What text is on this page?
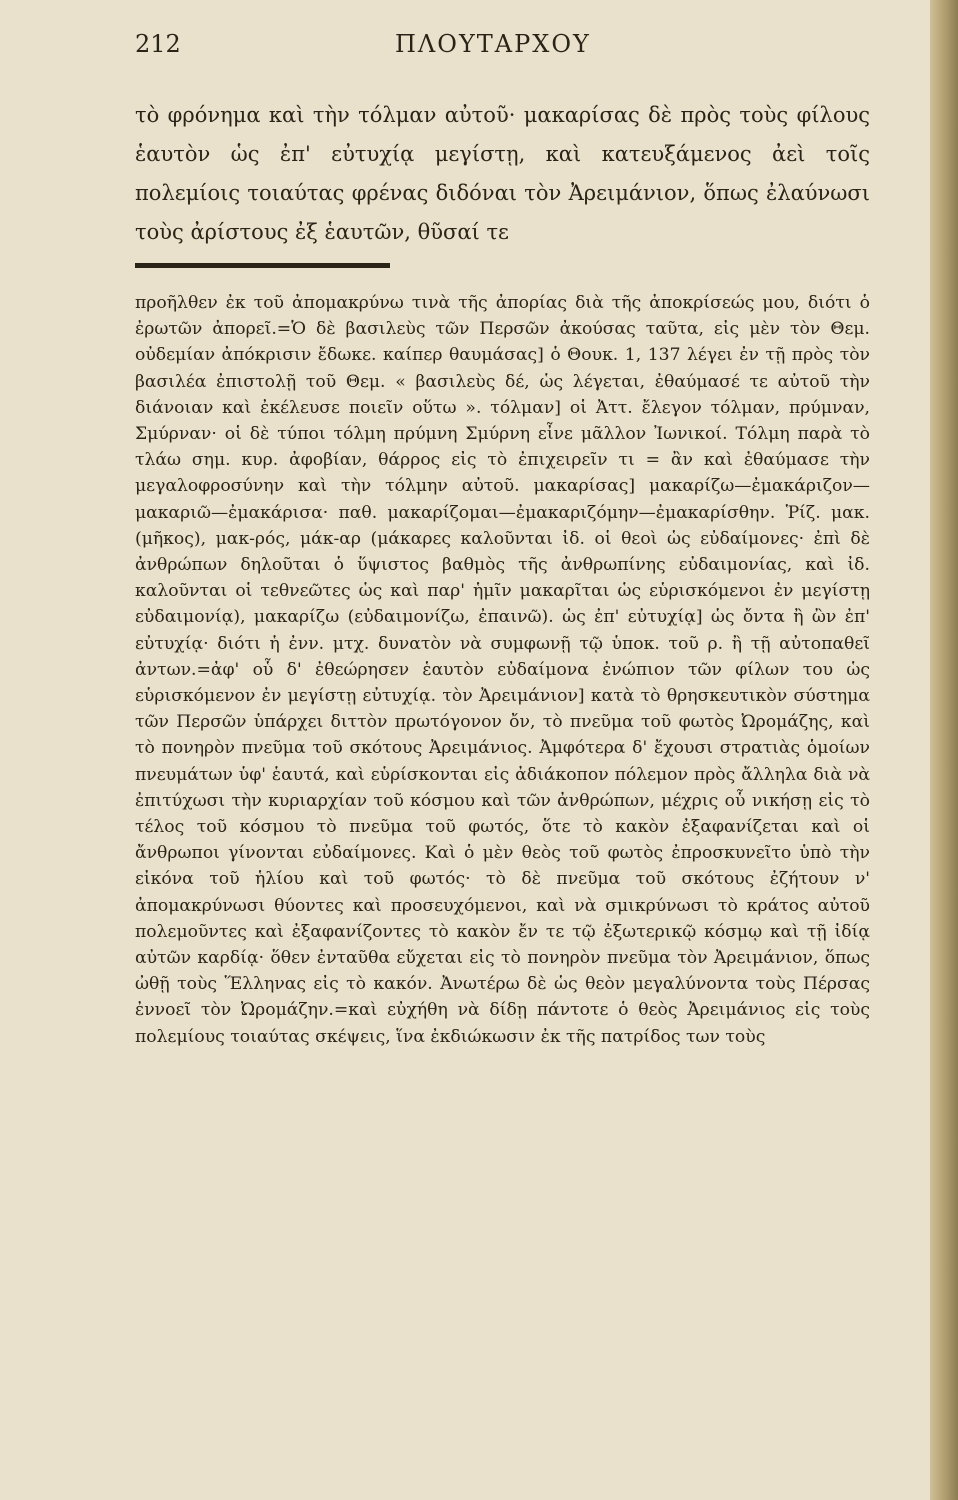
212	ΠΛΟΥΤΑΡΧΟΥ

τὸ φρόνημα καὶ τὴν τόλμαν αὐτοῦ· μακαρίσας δὲ πρὸς τοὺς φίλους ἑαυτὸν ὡς ἐπ' εὐτυχίᾳ μεγίστῃ, καὶ κατευξάμενος ἀεὶ τοῖς πολεμίοις τοιαύτας φρένας διδόναι τὸν Ἀρειμάνιον, ὅπως ἐλαύνωσι τοὺς ἀρίστους ἐξ ἑαυτῶν, θῦσαί τε

προῆλθεν ἐκ τοῦ ἀπομακρύνω τινὰ τῆς ἀπορίας διὰ τῆς ἀποκρίσεώς μου, διότι ὁ ἐρωτῶν ἀπορεῖ.=Ὁ δὲ βασιλεὺς τῶν Περσῶν ἀκούσας ταῦτα, εἰς μὲν τὸν Θεμ. οὐδεμίαν ἀπόκρισιν ἔδωκε. καίπερ θαυμάσας] ὁ Θουκ. 1, 137 λέγει ἐν τῇ πρὸς τὸν βασιλέα ἐπιστολῇ τοῦ Θεμ. « βασιλεὺς δέ, ὡς λέγεται, ἐθαύμασέ τε αὐτοῦ τὴν διάνοιαν καὶ ἐκέλευσε ποιεῖν οὕτω ». τόλμαν] οἱ Ἀττ. ἔλεγον τόλμαν, πρύμναν, Σμύρναν· οἱ δὲ τύποι τόλμη πρύμνη Σμύρνη εἶνε μᾶλλον Ἰωνικοί. Τόλμη παρὰ τὸ τλάω σημ. κυρ. ἀφοβίαν, θάρρος εἰς τὸ ἐπιχειρεῖν τι = ἂν καὶ ἐθαύμασε τὴν μεγαλοφροσύνην καὶ τὴν τόλμην αὐτοῦ. μακαρίσας] μακαρίζω—ἐμακάριζον—μακαριῶ—ἐμακάρισα· παθ. μακαρίζομαι—ἐμακαριζόμην—ἐμακαρίσθην. Ῥίζ. μακ. (μῆκος), μακ-ρός, μάκ-αρ (μάκαρες καλοῦνται ἰδ. οἱ θεοὶ ὡς εὐδαίμονες· ἐπὶ δὲ ἀνθρώπων δηλοῦται ὁ ὕψιστος βαθμὸς τῆς ἀνθρωπίνης εὐδαιμονίας, καὶ ἰδ. καλοῦνται οἱ τεθνεῶτες ὡς καὶ παρ' ἡμῖν μακαρῖται ὡς εὑρισκόμενοι ἐν μεγίστῃ εὐδαιμονίᾳ), μακαρίζω (εὐδαιμονίζω, ἐπαινῶ). ὡς ἐπ' εὐτυχίᾳ] ὡς ὄντα ἢ ὢν ἐπ' εὐτυχίᾳ· διότι ἡ ἐνν. μτχ. δυνατὸν νὰ συμφωνῇ τῷ ὑποκ. τοῦ ρ. ἢ τῇ αὐτοπαθεῖ ἀντων.=ἀφ' οὗ δ' ἐθεώρησεν ἑαυτὸν εὐδαίμονα ἐνώπιον τῶν φίλων του ὡς εὑρισκόμενον ἐν μεγίστῃ εὐτυχίᾳ. τὸν Ἀρειμάνιον] κατὰ τὸ θρησκευτικὸν σύστημα τῶν Περσῶν ὑπάρχει διττὸν πρωτόγονον ὄν, τὸ πνεῦμα τοῦ φωτὸς Ὠρομάζης, καὶ τὸ πονηρὸν πνεῦμα τοῦ σκότους Ἀρειμάνιος. Ἀμφότερα δ' ἔχουσι στρατιὰς ὁμοίων πνευμάτων ὑφ' ἑαυτά, καὶ εὑρίσκονται εἰς ἀδιάκοπον πόλεμον πρὸς ἄλληλα διὰ νὰ ἐπιτύχωσι τὴν κυριαρχίαν τοῦ κόσμου καὶ τῶν ἀνθρώπων, μέχρις οὗ νικήσῃ εἰς τὸ τέλος τοῦ κόσμου τὸ πνεῦμα τοῦ φωτός, ὅτε τὸ κακὸν ἐξαφανίζεται καὶ οἱ ἄνθρωποι γίνονται εὐδαίμονες. Καὶ ὁ μὲν θεὸς τοῦ φωτὸς ἐπροσκυνεῖτο ὑπὸ τὴν εἰκόνα τοῦ ἡλίου καὶ τοῦ φωτός· τὸ δὲ πνεῦμα τοῦ σκότους ἐζήτουν ν' ἀπομακρύνωσι θύοντες καὶ προσευχόμενοι, καὶ νὰ σμικρύνωσι τὸ κράτος αὐτοῦ πολεμοῦντες καὶ ἐξαφανίζοντες τὸ κακὸν ἔν τε τῷ ἐξωτερικῷ κόσμῳ καὶ τῇ ἰδίᾳ αὐτῶν καρδίᾳ· ὅθεν ἐνταῦθα εὔχεται εἰς τὸ πονηρὸν πνεῦμα τὸν Ἀρειμάνιον, ὅπως ὠθῇ τοὺς Ἕλληνας εἰς τὸ κακόν. Ἀνωτέρω δὲ ὡς θεὸν μεγαλύνοντα τοὺς Πέρσας ἐννοεῖ τὸν Ὠρομάζην.=καὶ εὐχήθη νὰ δίδῃ πάντοτε ὁ θεὸς Ἀρειμάνιος εἰς τοὺς πολεμίους τοιαύτας σκέψεις, ἵνα ἐκδιώκωσιν ἐκ τῆς πατρίδος των τοὺς
